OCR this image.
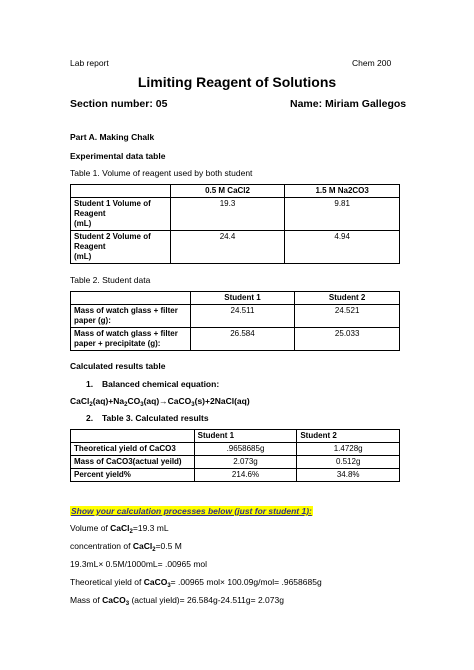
Lab report	Chem 200
Limiting Reagent of Solutions
Section number: 05	Name: Miriam Gallegos
Part A. Making Chalk
Experimental data table
Table 1. Volume of reagent used by both student
	0.5 M CaCl2	1.5 M Na2CO3

Student 1 Volume of
Reagent
(mL)	19.3	9.81

Student 2 Volume of
Reagent
(mL)	24.4	4.94
Table 2. Student data
	Student 1	Student 2

Mass of watch glass + filter
paper (g):	24.511	24.521

Mass of watch glass + filter
paper + precipitate (g):	26.584	25.033
Calculated results table
1. Balanced chemical equation:
$CaCl_2(aq)+Na_2CO_3(aq)\to CaCO_3(s)+2NaCl(aq)$
2. Table 3. Calculated results
	Student 1	Student 2
Theoretical yield of CaCO3	.9658685g	1.4728g
Mass of CaCO3(actual yeild)	2.073g	0.512g
Percent yield%	214.6%	34.8%
Show your calculation processes below (just for student 1):
Volume of CaCl$_2$=19.3 mL
concentration of CaCl$_2$=0.5 M
19.3mL× 0.5M/1000mL= .00965 mol
Theoretical yield of CaCO$_3$= .00965 mol× 100.09g/mol= .9658685g
Mass of CaCO$_3$ (actual yield)= 26.584g-24.511g= 2.073g
